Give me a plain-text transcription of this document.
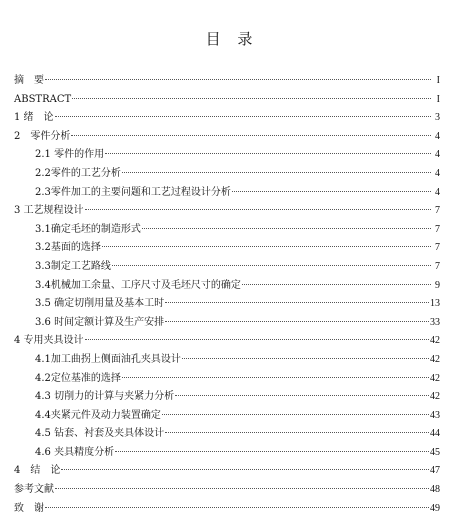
目 录
摘　要	I
ABSTRACT	I
1 绪　论	3
2　零件分析	4
2.1 零件的作用	4
2.2零件的工艺分析	4
2.3零件加工的主要问题和工艺过程设计分析	4
3 工艺规程设计	7
3.1确定毛坯的制造形式	7
3.2基面的选择	7
3.3制定工艺路线	7
3.4机械加工余量、工序尺寸及毛坯尺寸的确定	9
3.5 确定切削用量及基本工时	13
3.6 时间定额计算及生产安排	33
4 专用夹具设计	42
4.1加工曲拐上侧面油孔夹具设计	42
4.2定位基准的选择	42
4.3 切削力的计算与夹紧力分析	42
4.4夹紧元件及动力装置确定	43
4.5 钻套、衬套及夹具体设计	44
4.6 夹具精度分析	45
4　结　论	47
参考文献	48
致　谢	49
